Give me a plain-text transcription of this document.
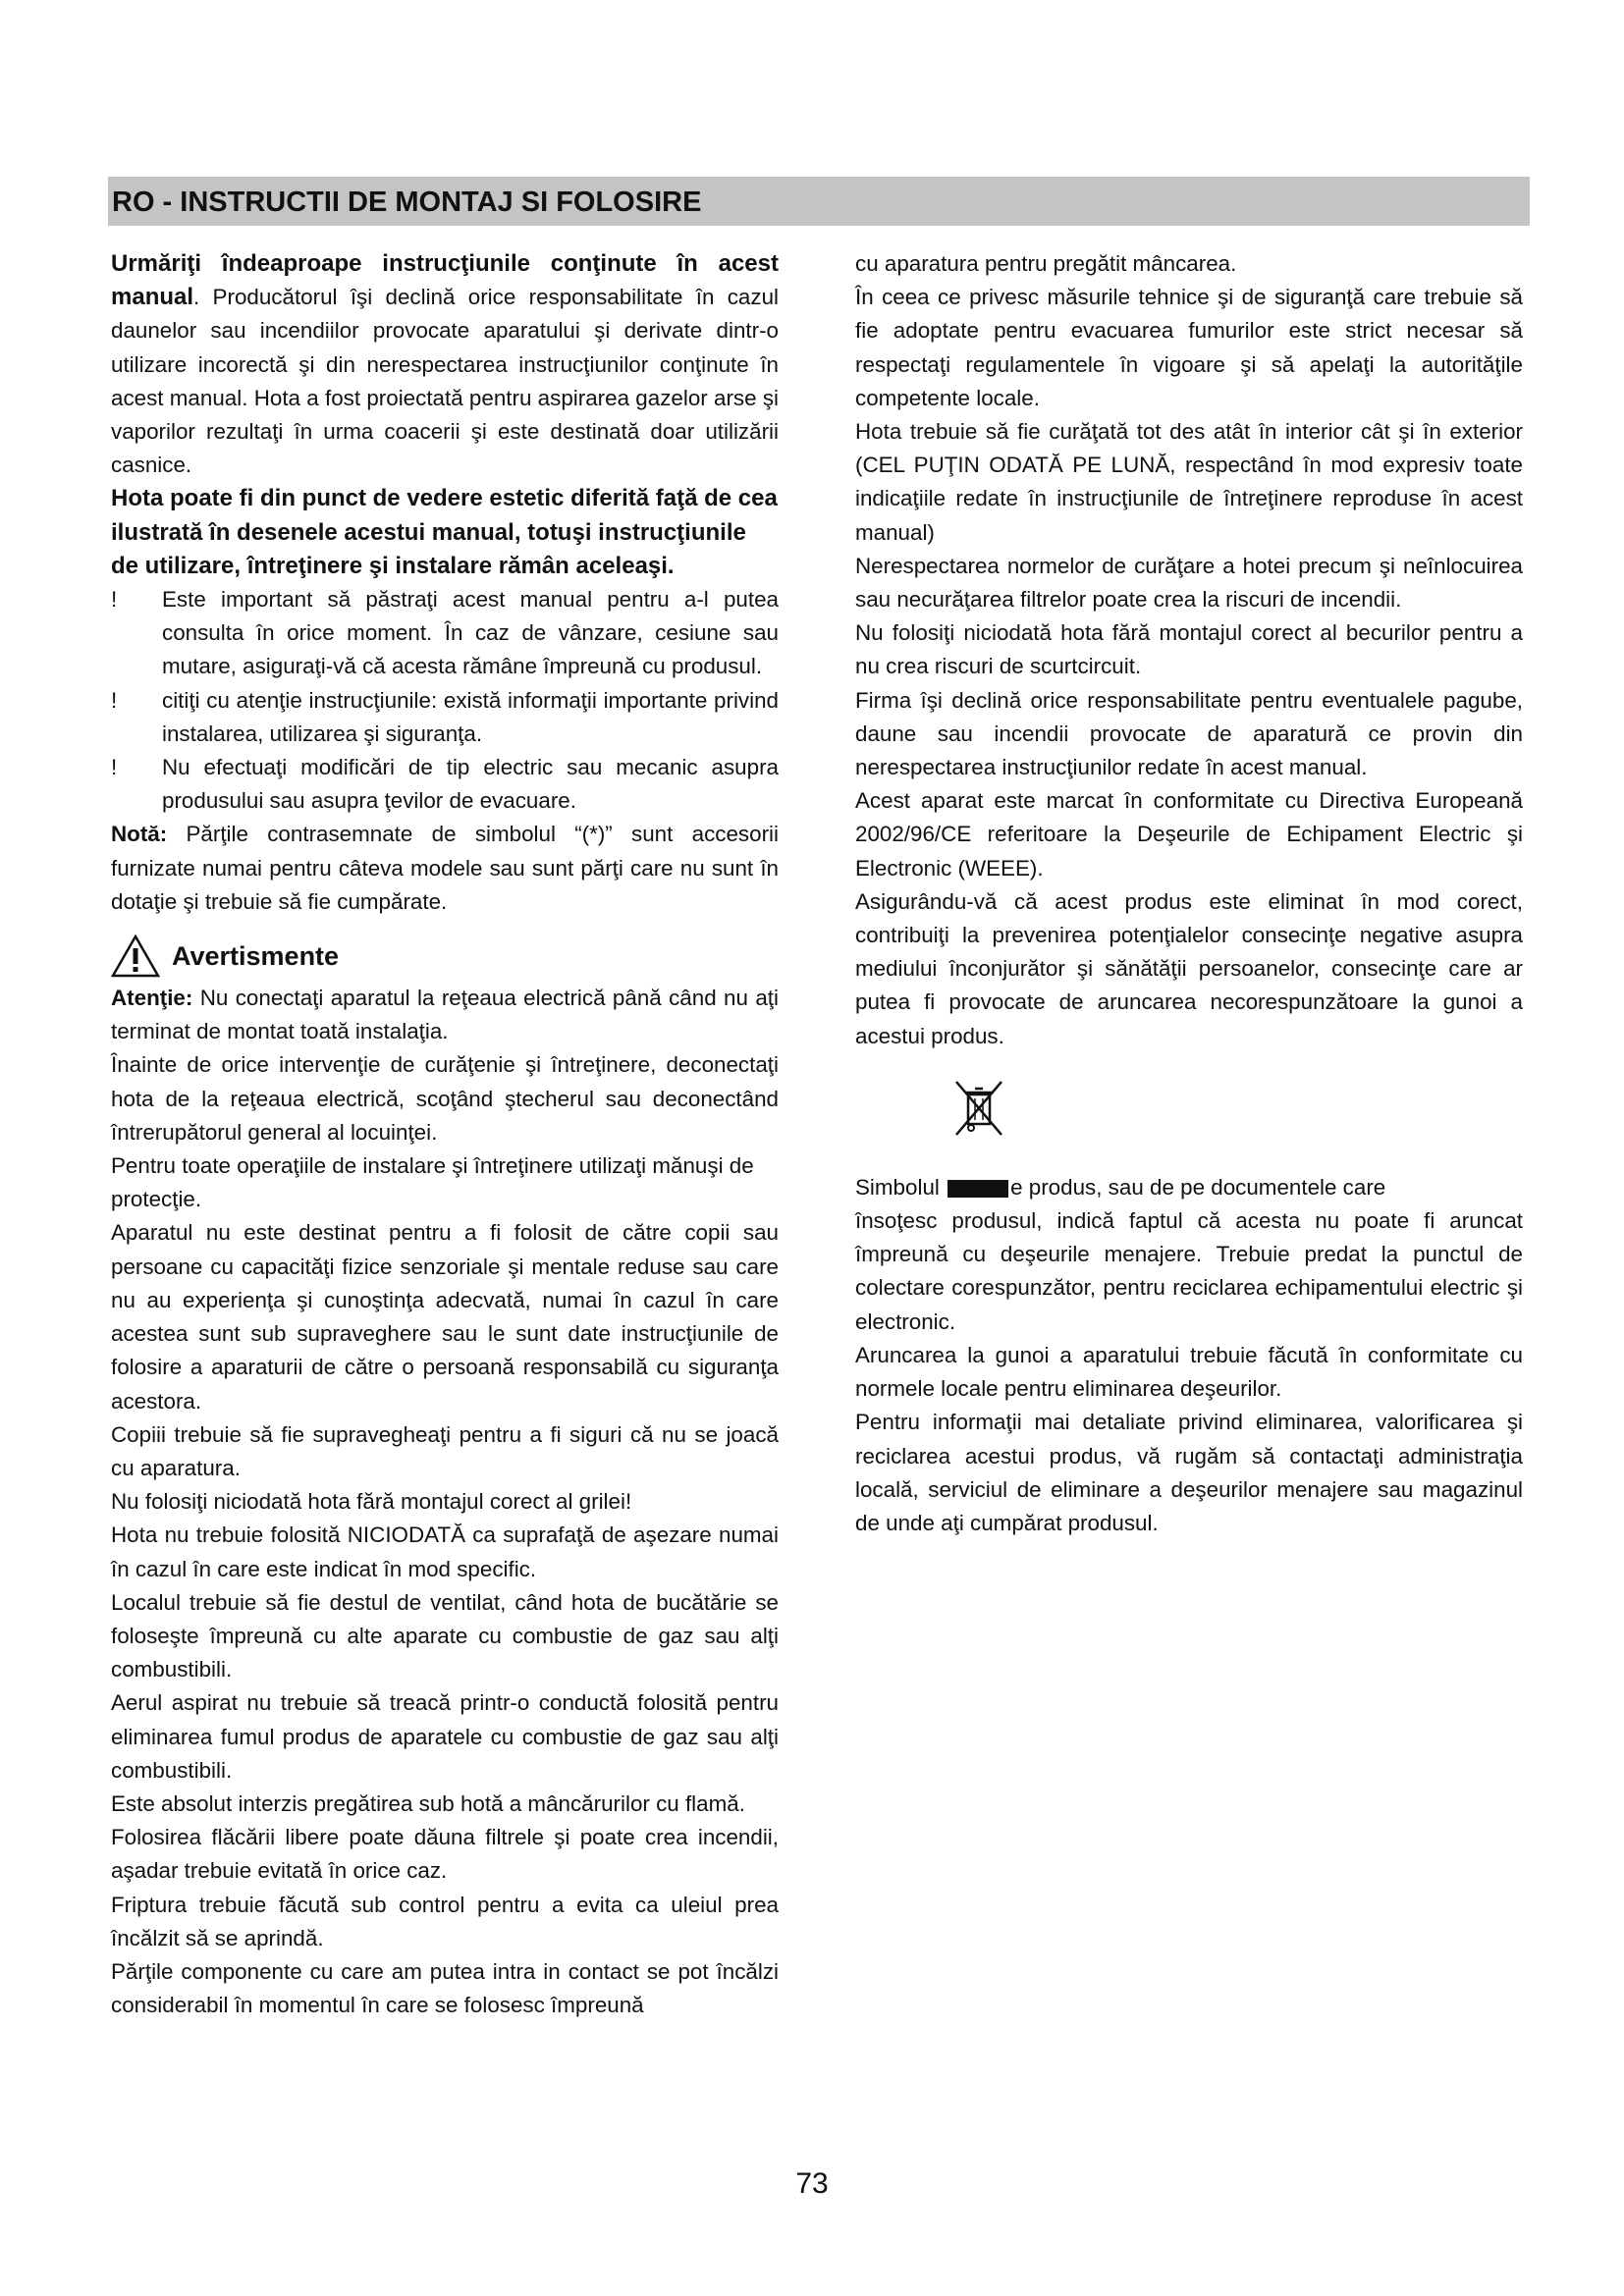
RO - INSTRUCTII DE MONTAJ SI FOLOSIRE

Urmăriţi îndeaproape instrucţiunile conţinute în acest manual. Producătorul îşi declină orice responsabilitate în cazul daunelor sau incendiilor provocate aparatului şi derivate dintr-o utilizare incorectă şi din nerespectarea instrucţiunilor conţinute în acest manual. Hota a fost proiectată pentru aspirarea gazelor arse şi vaporilor rezultaţi în urma coacerii şi este destinată doar utilizării casnice.

Hota poate fi din punct de vedere estetic diferită faţă de cea ilustrată în desenele acestui manual, totuşi instrucţiunile de utilizare, întreţinere şi instalare rămân aceleaşi.

! Este important să păstraţi acest manual pentru a-l putea consulta în orice moment. În caz de vânzare, cesiune sau mutare, asiguraţi-vă că acesta rămâne împreună cu produsul.
! citiţi cu atenţie instrucţiunile: există informaţii importante privind instalarea, utilizarea şi siguranţa.
! Nu efectuaţi modificări de tip electric sau mecanic asupra produsului sau asupra ţevilor de evacuare.

Notă: Părţile contrasemnate de simbolul “(*)” sunt accesorii furnizate numai pentru câteva modele sau sunt părţi care nu sunt în dotaţie şi trebuie să fie cumpărate.

Avertismente

Atenţie: Nu conectaţi aparatul la reţeaua electrică până când nu aţi terminat de montat toată instalaţia.

Înainte de orice intervenţie de curăţenie şi întreţinere, deconectaţi hota de la reţeaua electrică, scoţând ştecherul sau deconectând întrerupătorul general al locuinţei.

Pentru toate operaţiile de instalare şi întreţinere utilizaţi mănuşi de protecţie.

Aparatul nu este destinat pentru a fi folosit de către copii sau persoane cu capacităţi fizice senzoriale şi mentale reduse sau care nu au experienţa şi cunoştinţa adecvată, numai în cazul în care acestea sunt sub supraveghere sau le sunt date instrucţiunile de folosire a aparaturii de către o persoană responsabilă cu siguranţa acestora.

Copiii trebuie să fie supravegheaţi pentru a fi siguri că nu se joacă cu aparatura.

Nu folosiţi niciodată hota fără montajul corect al grilei!

Hota nu trebuie folosită NICIODATĂ ca suprafaţă de aşezare numai în cazul în care este indicat în mod specific.

Localul trebuie să fie destul de ventilat, când hota de bucătărie se foloseşte împreună cu alte aparate cu combustie de gaz sau alţi combustibili.

Aerul aspirat nu trebuie să treacă printr-o conductă folosită pentru eliminarea fumul produs de aparatele cu combustie de gaz sau alţi combustibili.

Este absolut interzis pregătirea sub hotă a mâncărurilor cu flamă.

Folosirea flăcării libere poate dăuna filtrele şi poate crea incendii, aşadar trebuie evitată în orice caz.

Friptura trebuie făcută sub control pentru a evita ca uleiul prea încălzit să se aprindă.

Părţile componente cu care am putea intra in contact se pot încălzi considerabil în momentul în care se folosesc împreună

cu aparatura pentru pregătit mâncarea.

În ceea ce privesc măsurile tehnice şi de siguranţă care trebuie să fie adoptate pentru evacuarea fumurilor este strict necesar să respectaţi regulamentele în vigoare şi să apelaţi la autorităţile competente locale.

Hota trebuie să fie curăţată tot des atât în interior cât şi în exterior (CEL PUŢIN ODATĂ PE LUNĂ, respectând în mod expresiv toate indicaţiile redate în instrucţiunile de întreţinere reproduse în acest manual)

Nerespectarea normelor de curăţare a hotei precum şi neînlocuirea sau necurăţarea filtrelor poate crea la riscuri de incendii.

Nu folosiţi niciodată hota fără montajul corect al becurilor pentru a nu crea riscuri de scurtcircuit.

Firma îşi declină orice responsabilitate pentru eventualele pagube, daune sau incendii provocate de aparatură ce provin din nerespectarea instrucţiunilor redate în acest manual.

Acest aparat este marcat în conformitate cu Directiva Europeană 2002/96/CE referitoare la Deşeurile de Echipament Electric şi Electronic (WEEE).

Asigurându-vă că acest produs este eliminat în mod corect, contribuiţi la prevenirea potenţialelor consecinţe negative asupra mediului înconjurător şi sănătăţii persoanelor, consecinţe care ar putea fi provocate de aruncarea necorespunzătoare la gunoi a acestui produs.

Simbolul	e produs, sau de pe documentele care

însoţesc produsul, indică faptul că acesta nu poate fi aruncat împreună cu deşeurile menajere. Trebuie predat la punctul de colectare corespunzător, pentru reciclarea echipamentului electric şi electronic.

Aruncarea la gunoi a aparatului trebuie făcută în conformitate cu normele locale pentru eliminarea deşeurilor.

Pentru informaţii mai detaliate privind eliminarea, valorificarea şi reciclarea acestui produs, vă rugăm să contactaţi administraţia locală, serviciul de eliminare a deşeurilor menajere sau magazinul de unde aţi cumpărat produsul.

73
